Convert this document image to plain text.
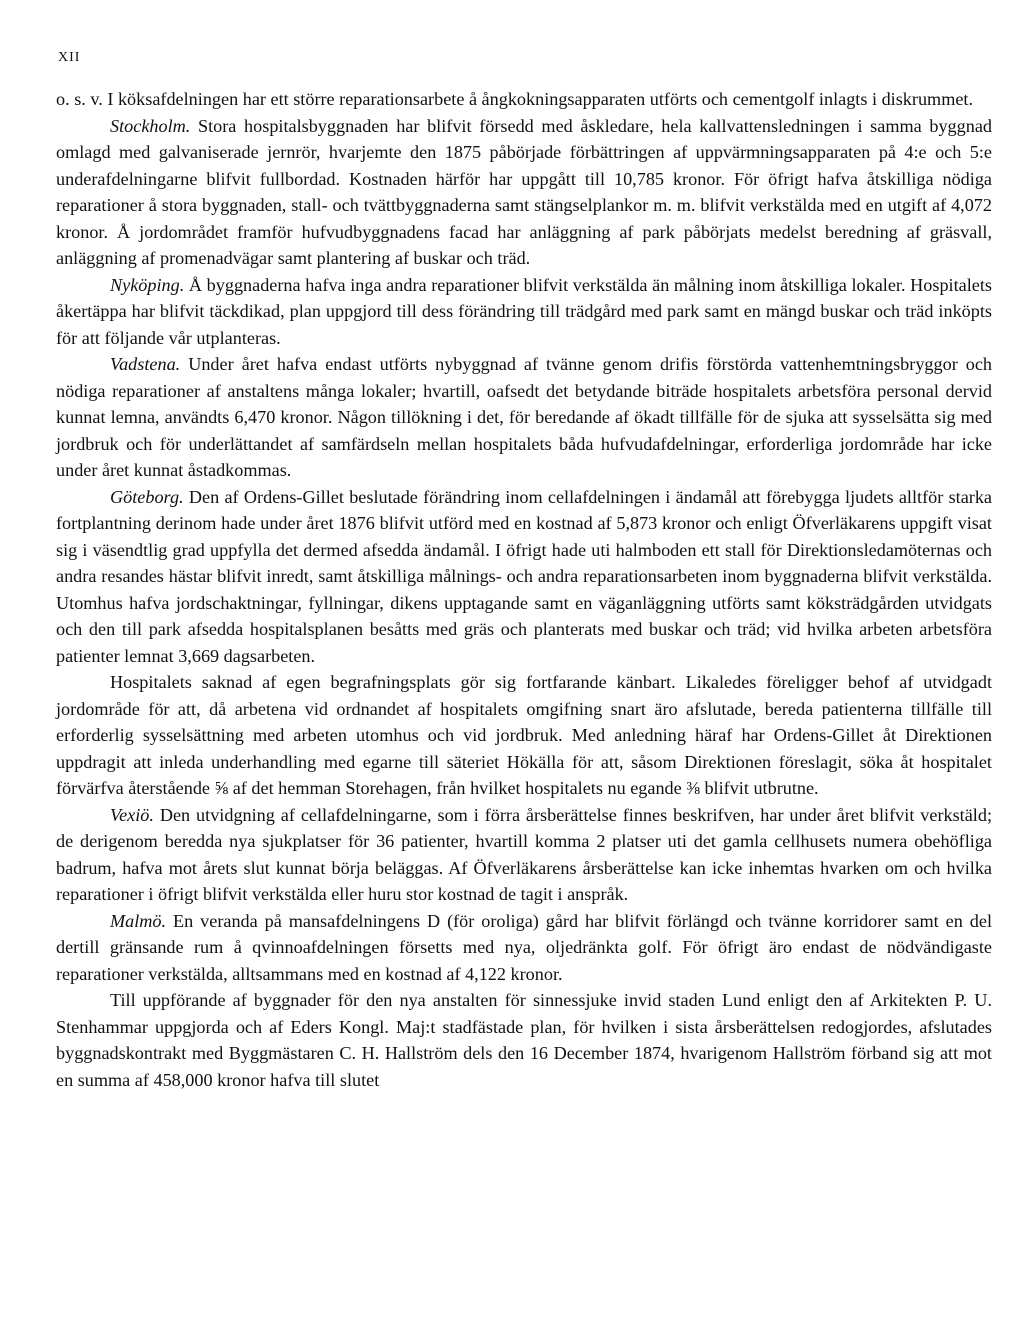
XII

o. s. v. I köksafdelningen har ett större reparationsarbete å ångkokningsapparaten utförts och cementgolf inlagts i diskrummet.

Stockholm. Stora hospitalsbyggnaden har blifvit försedd med åskledare, hela kallvattensledningen i samma byggnad omlagd med galvaniserade jernrör, hvarjemte den 1875 påbörjade förbättringen af uppvärmningsapparaten på 4:e och 5:e underafdelningarne blifvit fullbordad. Kostnaden härför har uppgått till 10,785 kronor. För öfrigt hafva åtskilliga nödiga reparationer å stora byggnaden, stall- och tvättbyggnaderna samt stängselplankor m. m. blifvit verkstälda med en utgift af 4,072 kronor. Å jordområdet framför hufvudbyggnadens facad har anläggning af park påbörjats medelst beredning af gräsvall, anläggning af promenadvägar samt plantering af buskar och träd.

Nyköping. Å byggnaderna hafva inga andra reparationer blifvit verkstälda än målning inom åtskilliga lokaler. Hospitalets åkertäppa har blifvit täckdikad, plan uppgjord till dess förändring till trädgård med park samt en mängd buskar och träd inköpts för att följande vår utplanteras.

Vadstena. Under året hafva endast utförts nybyggnad af tvänne genom drifis förstörda vattenhemtningsbryggor och nödiga reparationer af anstaltens många lokaler; hvartill, oafsedt det betydande biträde hospitalets arbetsföra personal dervid kunnat lemna, användts 6,470 kronor. Någon tillökning i det, för beredande af ökadt tillfälle för de sjuka att sysselsätta sig med jordbruk och för underlättandet af samfärdseln mellan hospitalets båda hufvudafdelningar, erforderliga jordområde har icke under året kunnat åstadkommas.

Göteborg. Den af Ordens-Gillet beslutade förändring inom cellafdelningen i ändamål att förebygga ljudets alltför starka fortplantning derinom hade under året 1876 blifvit utförd med en kostnad af 5,873 kronor och enligt Öfverläkarens uppgift visat sig i väsendtlig grad uppfylla det dermed afsedda ändamål. I öfrigt hade uti halmboden ett stall för Direktionsledamöternas och andra resandes hästar blifvit inredt, samt åtskilliga målnings- och andra reparationsarbeten inom byggnaderna blifvit verkstälda. Utomhus hafva jordschaktningar, fyllningar, dikens upptagande samt en väganläggning utförts samt köksträdgården utvidgats och den till park afsedda hospitalsplanen besåtts med gräs och planterats med buskar och träd; vid hvilka arbeten arbetsföra patienter lemnat 3,669 dagsarbeten.

Hospitalets saknad af egen begrafningsplats gör sig fortfarande känbart. Likaledes föreligger behof af utvidgadt jordområde för att, då arbetena vid ordnandet af hospitalets omgifning snart äro afslutade, bereda patienterna tillfälle till erforderlig sysselsättning med arbeten utomhus och vid jordbruk. Med anledning häraf har Ordens-Gillet åt Direktionen uppdragit att inleda underhandling med egarne till säteriet Hökälla för att, såsom Direktionen föreslagit, söka åt hospitalet förvärfva återstående ⅝ af det hemman Storehagen, från hvilket hospitalets nu egande ⅜ blifvit utbrutne.

Vexiö. Den utvidgning af cellafdelningarne, som i förra årsberättelse finnes beskrifven, har under året blifvit verkstäld; de derigenom beredda nya sjukplatser för 36 patienter, hvartill komma 2 platser uti det gamla cellhusets numera obehöfliga badrum, hafva mot årets slut kunnat börja beläggas. Af Öfverläkarens årsberättelse kan icke inhemtas hvarken om och hvilka reparationer i öfrigt blifvit verkstälda eller huru stor kostnad de tagit i anspråk.

Malmö. En veranda på mansafdelningens D (för oroliga) gård har blifvit förlängd och tvänne korridorer samt en del dertill gränsande rum å qvinnoafdelningen försetts med nya, oljedränkta golf. För öfrigt äro endast de nödvändigaste reparationer verkstälda, alltsammans med en kostnad af 4,122 kronor.

Till uppförande af byggnader för den nya anstalten för sinnessjuke invid staden Lund enligt den af Arkitekten P. U. Stenhammar uppgjorda och af Eders Kongl. Maj:t stadfästade plan, för hvilken i sista årsberättelsen redogjordes, afslutades byggnadskontrakt med Byggmästaren C. H. Hallström dels den 16 December 1874, hvarigenom Hallström förband sig att mot en summa af 458,000 kronor hafva till slutet
